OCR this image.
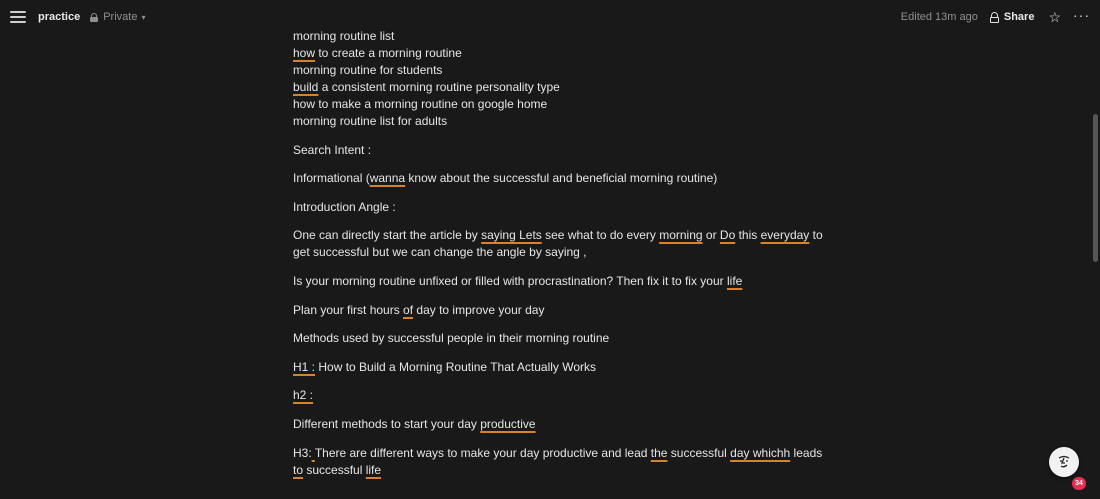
practice Private ▾	Edited 13m ago Share ☆ ···
morning routine list
how to create a morning routine
morning routine for students
build a consistent morning routine personality type
how to make a morning routine on google home
morning routine list for adults
Search Intent :
Informational (wanna know about the successful and beneficial morning routine)
Introduction Angle :
One can directly start the article by saying Lets see what to do every morning or Do this everyday to
get successful but we can change the angle by saying ,
Is your morning routine unfixed or filled with procrastination? Then fix it to fix your life
Plan your first hours of day to improve your day
Methods used by successful people in their morning routine
H1 : How to Build a Morning Routine That Actually Works
h2 :
Different methods to start your day productive
H3: There are different ways to make your day productive and lead the successful day whichh leads
to successful life
34
